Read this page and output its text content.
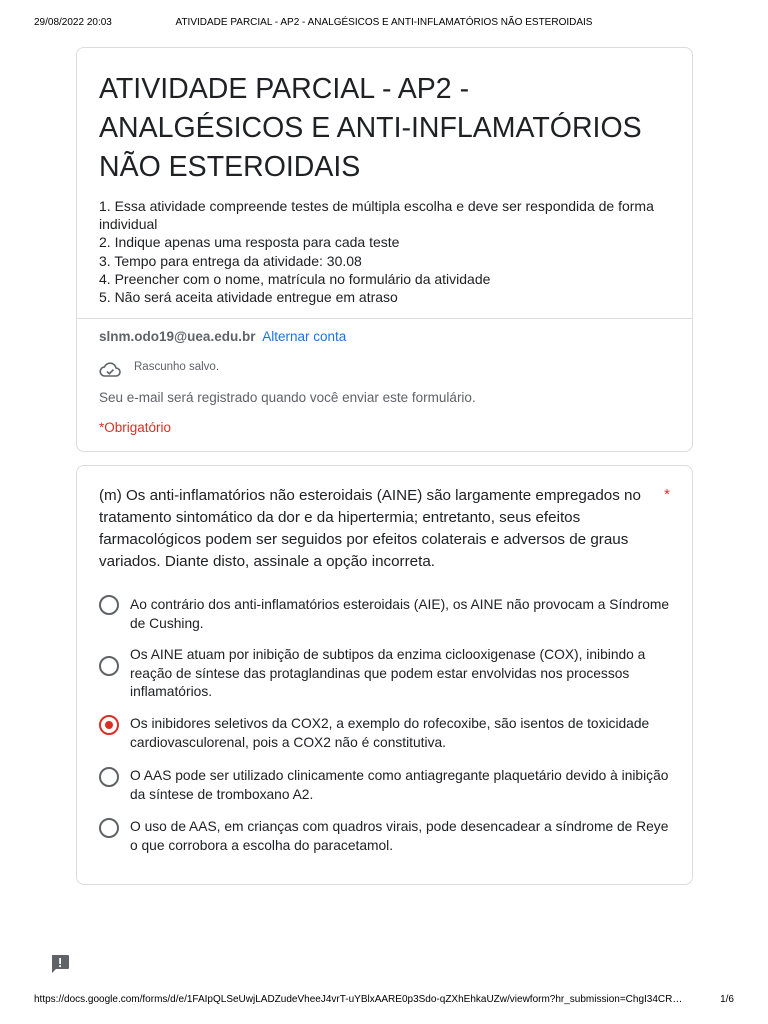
29/08/2022 20:03	ATIVIDADE PARCIAL - AP2 - ANALGÉSICOS E ANTI-INFLAMATÓRIOS NÃO ESTEROIDAIS
ATIVIDADE PARCIAL - AP2 -
ANALGÉSICOS E ANTI-INFLAMATÓRIOS
NÃO ESTEROIDAIS
1. Essa atividade compreende testes de múltipla escolha e deve ser respondida de forma individual
2. Indique apenas uma resposta para cada teste
3. Tempo para entrega da atividade: 30.08
4. Preencher com o nome, matrícula no formulário da atividade
5. Não será aceita atividade entregue em atraso
slnm.odo19@uea.edu.br Alternar conta
Rascunho salvo.
Seu e-mail será registrado quando você enviar este formulário.
*Obrigatório
(m) Os anti-inflamatórios não esteroidais (AINE) são largamente empregados no tratamento sintomático da dor e da hipertermia; entretanto, seus efeitos farmacológicos podem ser seguidos por efeitos colaterais e adversos de graus variados. Diante disto, assinale a opção incorreta.
*
Ao contrário dos anti-inflamatórios esteroidais (AIE), os AINE não provocam a Síndrome de Cushing.
Os AINE atuam por inibição de subtipos da enzima ciclooxigenase (COX), inibindo a reação de síntese das protaglandinas que podem estar envolvidas nos processos inflamatórios.
Os inibidores seletivos da COX2, a exemplo do rofecoxibe, são isentos de toxicidade cardiovasculorenal, pois a COX2 não é constitutiva.
O AAS pode ser utilizado clinicamente como antiagregante plaquetário devido à inibição da síntese de tromboxano A2.
O uso de AAS, em crianças com quadros virais, pode desencadear a síndrome de Reye o que corrobora a escolha do paracetamol.
https://docs.google.com/forms/d/e/1FAIpQLSeUwjLADZudeVheeJ4vrT-uYBlxAARE0p3Sdo-qZXhEhkaUZw/viewform?hr_submission=ChgI34CR…	1/6
